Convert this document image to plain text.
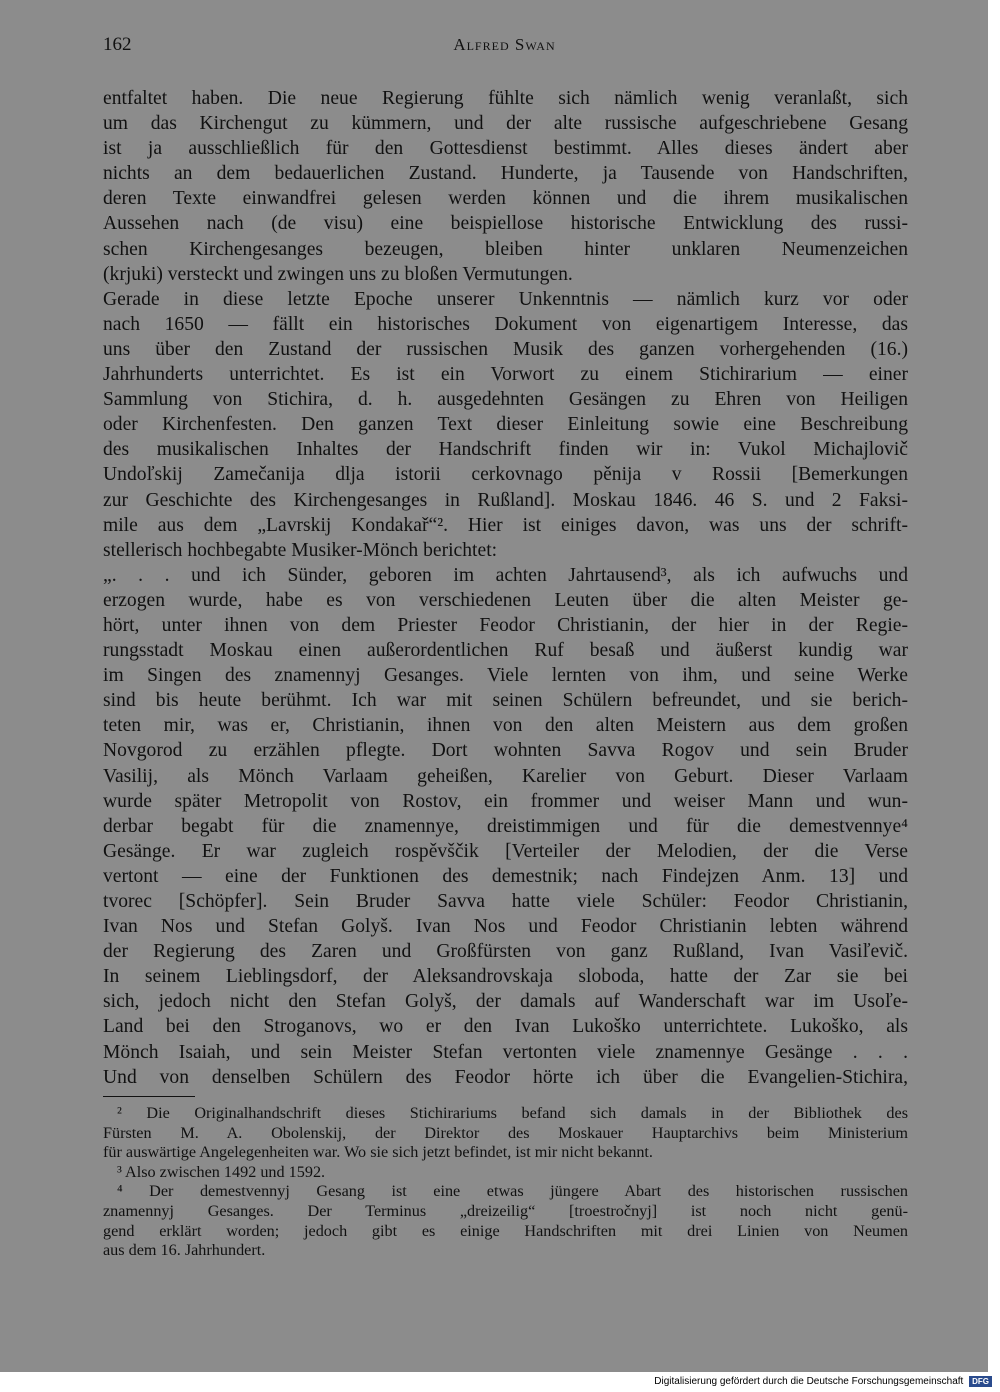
162	Alfred Swan
entfaltet haben. Die neue Regierung fühlte sich nämlich wenig veranlaßt, sich
um das Kirchengut zu kümmern, und der alte russische aufgeschriebene Gesang
ist ja ausschließlich für den Gottesdienst bestimmt. Alles dieses ändert aber
nichts an dem bedauerlichen Zustand. Hunderte, ja Tausende von Handschriften,
deren Texte einwandfrei gelesen werden können und die ihrem musikalischen
Aussehen nach (de visu) eine beispiellose historische Entwicklung des russi-
schen Kirchengesanges bezeugen, bleiben hinter unklaren Neumenzeichen
(krjuki) versteckt und zwingen uns zu bloßen Vermutungen.
Gerade in diese letzte Epoche unserer Unkenntnis — nämlich kurz vor oder
nach 1650 — fällt ein historisches Dokument von eigenartigem Interesse, das
uns über den Zustand der russischen Musik des ganzen vorhergehenden (16.)
Jahrhunderts unterrichtet. Es ist ein Vorwort zu einem Stichirarium — einer
Sammlung von Stichira, d. h. ausgedehnten Gesängen zu Ehren von Heiligen
oder Kirchenfesten. Den ganzen Text dieser Einleitung sowie eine Beschreibung
des musikalischen Inhaltes der Handschrift finden wir in: Vukol Michajlovič
Undoľskij Zamečanija dlja istorii cerkovnago pěnija v Rossii [Bemerkungen
zur Geschichte des Kirchengesanges in Rußland]. Moskau 1846. 46 S. und 2 Faksi-
mile aus dem „Lavrskij Kondakař“². Hier ist einiges davon, was uns der schrift-
stellerisch hochbegabte Musiker-Mönch berichtet:
„. . . und ich Sünder, geboren im achten Jahrtausend³, als ich aufwuchs und
erzogen wurde, habe es von verschiedenen Leuten über die alten Meister ge-
hört, unter ihnen von dem Priester Feodor Christianin, der hier in der Regie-
rungsstadt Moskau einen außerordentlichen Ruf besaß und äußerst kundig war
im Singen des znamennyj Gesanges. Viele lernten von ihm, und seine Werke
sind bis heute berühmt. Ich war mit seinen Schülern befreundet, und sie berich-
teten mir, was er, Christianin, ihnen von den alten Meistern aus dem großen
Novgorod zu erzählen pflegte. Dort wohnten Savva Rogov und sein Bruder
Vasilij, als Mönch Varlaam geheißen, Karelier von Geburt. Dieser Varlaam
wurde später Metropolit von Rostov, ein frommer und weiser Mann und wun-
derbar begabt für die znamennye, dreistimmigen und für die demestvennye⁴
Gesänge. Er war zugleich rospěvščik [Verteiler der Melodien, der die Verse
vertont — eine der Funktionen des demestnik; nach Findejzen Anm. 13] und
tvorec [Schöpfer]. Sein Bruder Savva hatte viele Schüler: Feodor Christianin,
Ivan Nos und Stefan Golyš. Ivan Nos und Feodor Christianin lebten während
der Regierung des Zaren und Großfürsten von ganz Rußland, Ivan Vasiľevič.
In seinem Lieblingsdorf, der Aleksandrovskaja sloboda, hatte der Zar sie bei
sich, jedoch nicht den Stefan Golyš, der damals auf Wanderschaft war im Usoľe-
Land bei den Stroganovs, wo er den Ivan Lukoško unterrichtete. Lukoško, als
Mönch Isaiah, und sein Meister Stefan vertonten viele znamennye Gesänge . . .
Und von denselben Schülern des Feodor hörte ich über die Evangelien-Stichira,
² Die Originalhandschrift dieses Stichirariums befand sich damals in der Bibliothek des
Fürsten M. A. Obolenskij, der Direktor des Moskauer Hauptarchivs beim Ministerium
für auswärtige Angelegenheiten war. Wo sie sich jetzt befindet, ist mir nicht bekannt.
³ Also zwischen 1492 und 1592.
⁴ Der demestvennyj Gesang ist eine etwas jüngere Abart des historischen russischen
znamennyj Gesanges. Der Terminus „dreizeilig“ [troestročnyj] ist noch nicht genü-
gend erklärt worden; jedoch gibt es einige Handschriften mit drei Linien von Neumen
aus dem 16. Jahrhundert.
Digitalisierung gefördert durch die Deutsche Forschungsgemeinschaft DFG
